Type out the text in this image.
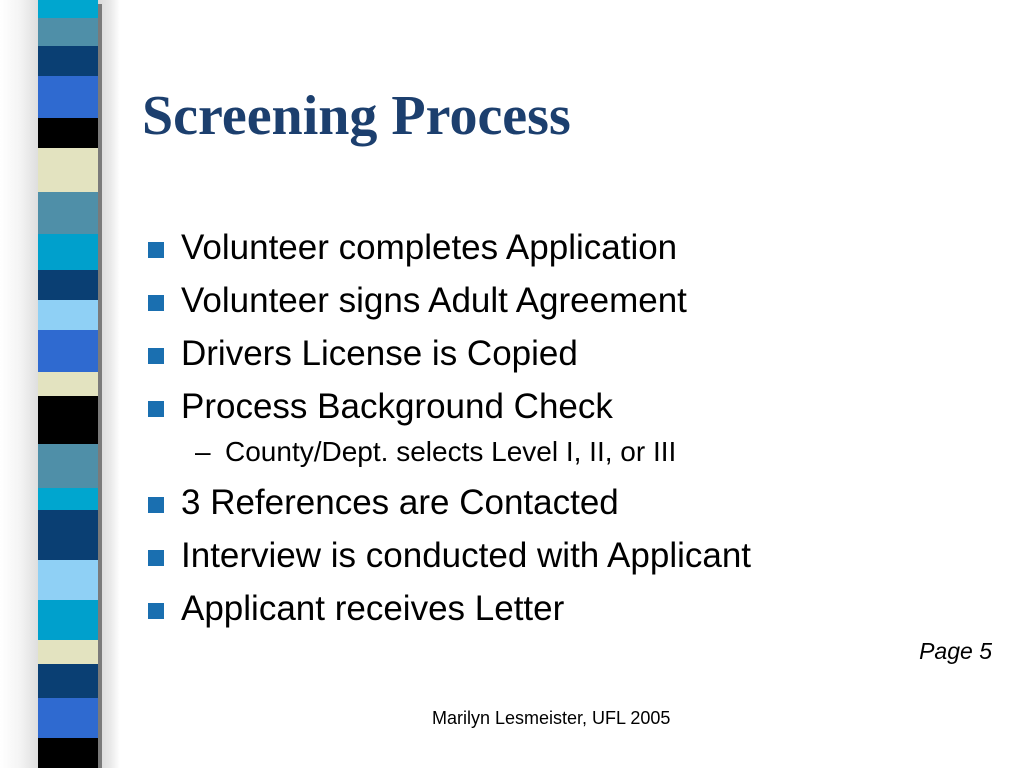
Screening Process
Volunteer completes Application
Volunteer signs Adult Agreement
Drivers License is Copied
Process Background Check
– County/Dept. selects Level I, II, or III
3 References are Contacted
Interview is conducted with Applicant
Applicant receives Letter
Page 5
Marilyn Lesmeister, UFL 2005
